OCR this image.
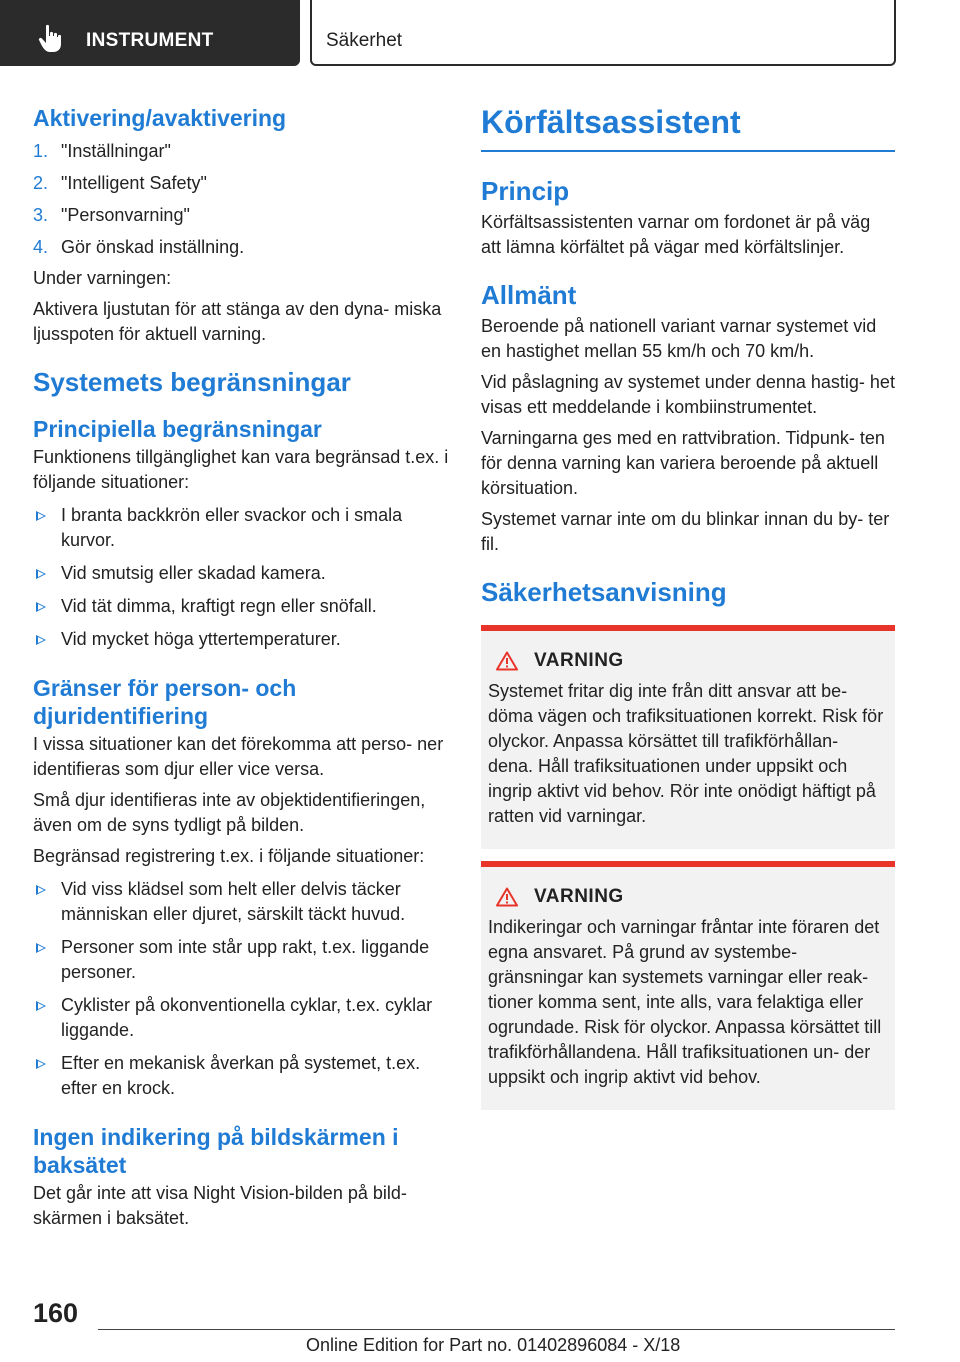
INSTRUMENT	Säkerhet
Aktivering/avaktivering
1. "Inställningar"
2. "Intelligent Safety"
3. "Personvarning"
4. Gör önskad inställning.

Under varningen:

Aktivera ljustutan för att stänga av den dyna- miska ljusspoten för aktuell varning.

Systemets begränsningar
Principiella begränsningar

Funktionens tillgänglighet kan vara begränsad t.ex. i följande situationer:

I branta backkrön eller svackor och i smala kurvor.
Vid smutsig eller skadad kamera.
Vid tät dimma, kraftigt regn eller snöfall.
Vid mycket höga yttertemperaturer.
Gränser för person- och djuridentifiering

I vissa situationer kan det förekomma att perso- ner identifieras som djur eller vice versa.

Små djur identifieras inte av objektidentifieringen, även om de syns tydligt på bilden.

Begränsad registrering t.ex. i följande situationer:

Vid viss klädsel som helt eller delvis täcker människan eller djuret, särskilt täckt huvud.
Personer som inte står upp rakt, t.ex. liggande personer.
Cyklister på okonventionella cyklar, t.ex. cyklar liggande.
Efter en mekanisk åverkan på systemet, t.ex. efter en krock.
Ingen indikering på bildskärmen i baksätet

Det går inte att visa Night Vision-bilden på bild- skärmen i baksätet.

Körfältsassistent
Princip

Körfältsassistenten varnar om fordonet är på väg att lämna körfältet på vägar med körfältslinjer.

Allmänt

Beroende på nationell variant varnar systemet vid en hastighet mellan 55 km/h och 70 km/h.

Vid påslagning av systemet under denna hastig- het visas ett meddelande i kombiinstrumentet.

Varningarna ges med en rattvibration. Tidpunk- ten för denna varning kan variera beroende på aktuell körsituation.

Systemet varnar inte om du blinkar innan du by- ter fil.

Säkerhetsanvisning
VARNING

Systemet fritar dig inte från ditt ansvar att be- döma vägen och trafiksituationen korrekt. Risk för olyckor. Anpassa körsättet till trafikförhållan- dena. Håll trafiksituationen under uppsikt och ingrip aktivt vid behov. Rör inte onödigt häftigt på ratten vid varningar.

VARNING

Indikeringar och varningar fråntar inte föraren det egna ansvaret. På grund av systembe- gränsningar kan systemets varningar eller reak- tioner komma sent, inte alls, vara felaktiga eller ogrundade. Risk för olyckor. Anpassa körsättet till trafikförhållandena. Håll trafiksituationen un- der uppsikt och ingrip aktivt vid behov.

160
Online Edition for Part no. 01402896084 - X/18
